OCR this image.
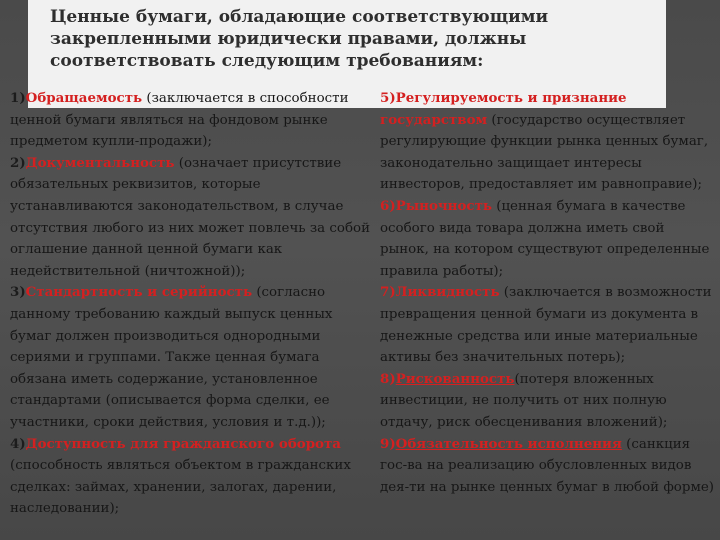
Ценные бумаги, обладающие соответствующими закрепленными юридически правами, должны соответствовать следующим требованиям:

1)Обращаемость (заключается в способности ценной бумаги являться на фондовом рынке предметом купли-продажи);

2)Документальность (означает присутствие обязательных реквизитов, которые устанавливаются законодательством, в случае отсутствия любого из них может повлечь за собой оглашение данной ценной бумаги как недействительной (ничтожной));

3)Стандартность и серийность (согласно данному требованию каждый выпуск ценных бумаг должен производиться однородными сериями и группами. Также ценная бумага обязана иметь содержание, установленное стандартами (описывается форма сделки, ее участники, сроки действия, условия и т.д.));

4)Доступность для гражданского оборота (способность являться объектом в гражданских сделках: займах, хранении, залогах, дарении, наследовании);

5)Регулируемость и признание государством (государство осуществляет регулирующие функции рынка ценных бумаг, законодательно защищает интересы инвесторов, предоставляет им равноправие);

6)Рыночность (ценная бумага в качестве особого вида товара должна иметь свой рынок, на котором существуют определенные правила работы);

7)Ликвидность (заключается в возможности превращения ценной бумаги из документа в денежные средства или иные материальные активы без значительных потерь);

8)Рискованность(потеря вложенных инвестиции, не получить от них полную отдачу, риск обесценивания вложений);

9)Обязательность исполнения (санкция гос-ва на реализацию обусловленных видов дея-ти на рынке ценных бумаг в любой форме)
